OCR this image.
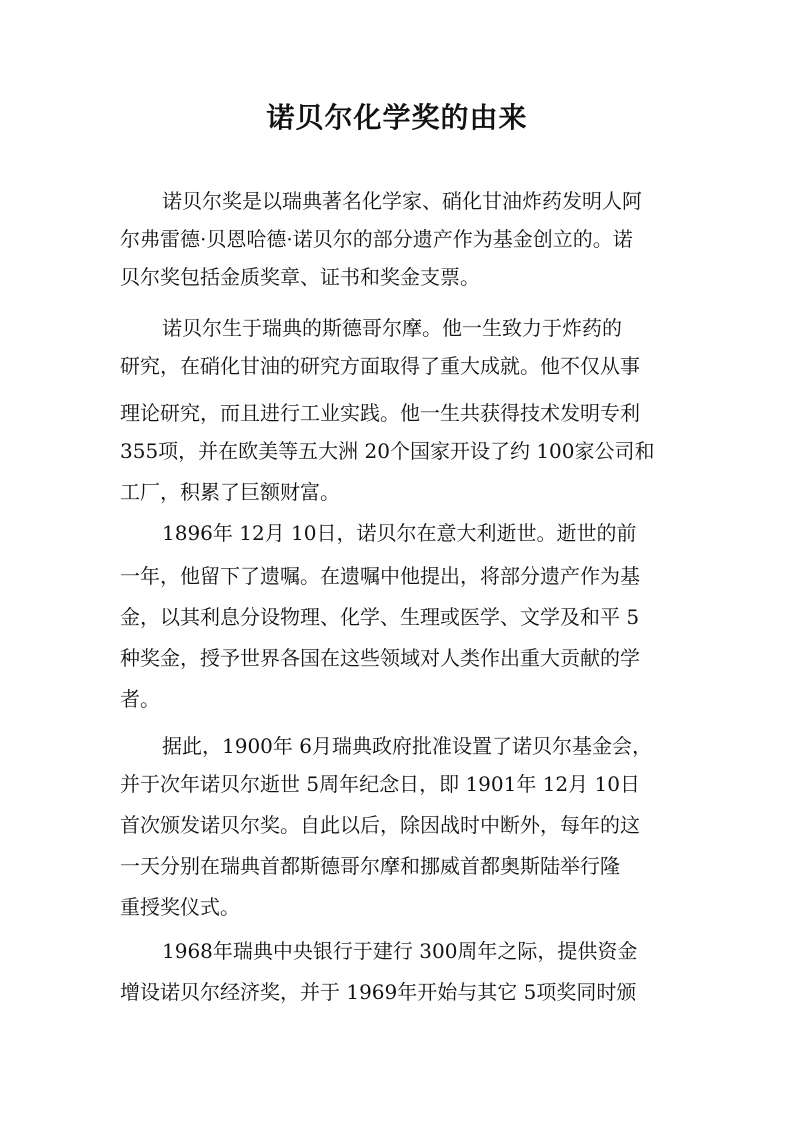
诺贝尔化学奖的由来
诺贝尔奖是以瑞典著名化学家、硝化甘油炸药发明人阿
尔弗雷德·贝恩哈德·诺贝尔的部分遗产作为基金创立的。诺
贝尔奖包括金质奖章、证书和奖金支票。
诺贝尔生于瑞典的斯德哥尔摩。他一生致力于炸药的
研究，在硝化甘油的研究方面取得了重大成就。他不仅从事
理论研究，而且进行工业实践。他一生共获得技术发明专利
355项，并在欧美等五大洲 20个国家开设了约 100家公司和
工厂，积累了巨额财富。
1896年 12月 10日，诺贝尔在意大利逝世。逝世的前
一年，他留下了遗嘱。在遗嘱中他提出，将部分遗产作为基
金，以其利息分设物理、化学、生理或医学、文学及和平 5
种奖金，授予世界各国在这些领域对人类作出重大贡献的学
者。
据此，1900年 6月瑞典政府批准设置了诺贝尔基金会，
并于次年诺贝尔逝世 5周年纪念日，即 1901年 12月 10日
首次颁发诺贝尔奖。自此以后，除因战时中断外，每年的这
一天分别在瑞典首都斯德哥尔摩和挪威首都奥斯陆举行隆
重授奖仪式。
1968年瑞典中央银行于建行 300周年之际，提供资金
增设诺贝尔经济奖，并于 1969年开始与其它 5项奖同时颁
